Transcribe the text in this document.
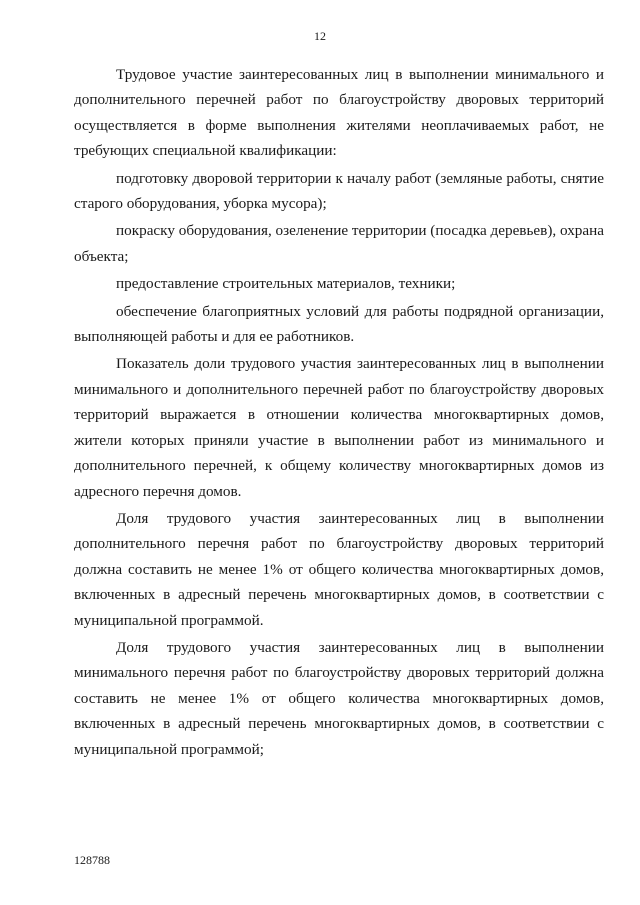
12

Трудовое участие заинтересованных лиц в выполнении минимального и дополнительного перечней работ по благоустройству дворовых территорий осуществляется в форме выполнения жителями неоплачиваемых работ, не требующих специальной квалификации:

подготовку дворовой территории к началу работ (земляные работы, снятие старого оборудования, уборка мусора);

покраску оборудования, озеленение территории (посадка деревьев), охрана объекта;

предоставление строительных материалов, техники;

обеспечение благоприятных условий для работы подрядной организации, выполняющей работы и для ее работников.

Показатель доли трудового участия заинтересованных лиц в выполнении минимального и дополнительного перечней работ по благоустройству дворовых территорий выражается в отношении количества многоквартирных домов, жители которых приняли участие в выполнении работ из минимального и дополнительного перечней, к общему количеству многоквартирных домов из адресного перечня домов.

Доля трудового участия заинтересованных лиц в выполнении дополнительного перечня работ по благоустройству дворовых территорий должна составить не менее 1% от общего количества многоквартирных домов, включенных в адресный перечень многоквартирных домов, в соответствии с муниципальной программой.

Доля трудового участия заинтересованных лиц в выполнении минимального перечня работ по благоустройству дворовых территорий должна составить не менее 1% от общего количества многоквартирных домов, включенных в адресный перечень многоквартирных домов, в соответствии с муниципальной программой;

128788
